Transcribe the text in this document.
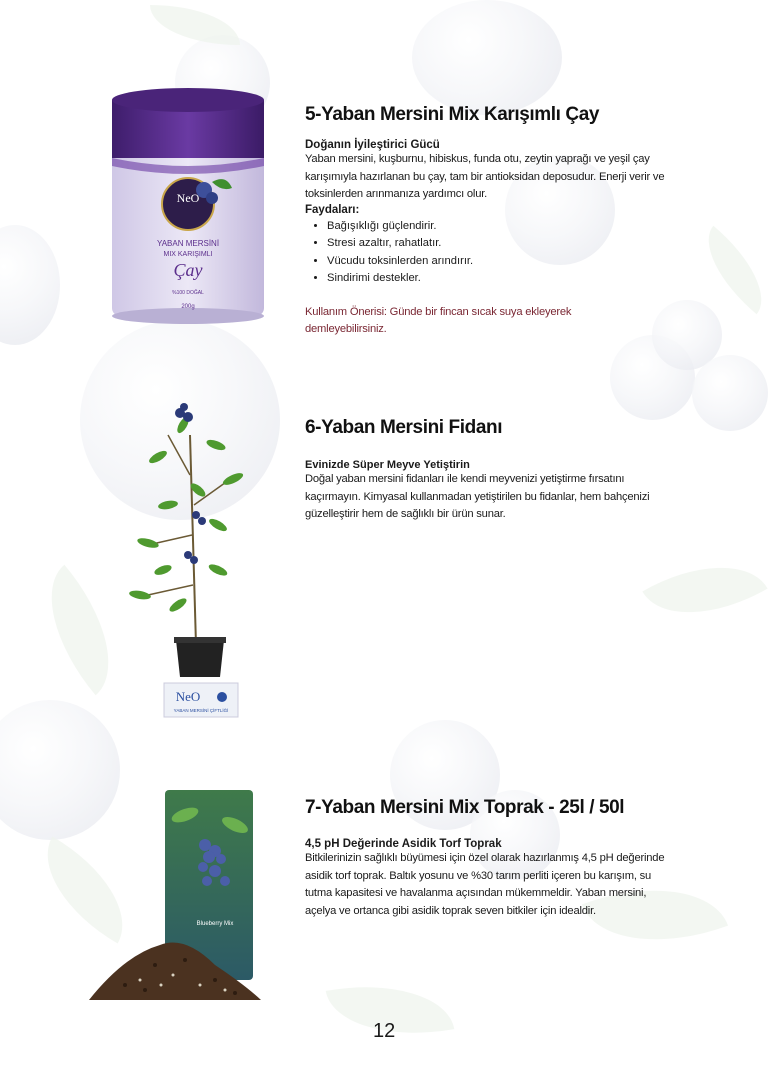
NeO
YABAN MERSİNİ
MIX KARIŞIMLI
Çay
%100 DOĞAL
200g
5-Yaban Mersini Mix Karışımlı Çay

Doğanın İyileştirici Gücü

Yaban mersini, kuşburnu, hibiskus, funda otu, zeytin yaprağı ve yeşil çay karışımıyla hazırlanan bu çay, tam bir antioksidan deposudur. Enerji verir ve toksinlerden arınmanıza yardımcı olur.

Faydaları:

• Bağışıklığı güçlendirir.
• Stresi azaltır, rahatlatır.
• Vücudu toksinlerden arındırır.
• Sindirimi destekler.

Kullanım Önerisi: Günde bir fincan sıcak suya ekleyerek demleyebilirsiniz.

NeO
YABAN MERSİNİ ÇİFTLİĞİ
6-Yaban Mersini Fidanı

Evinizde Süper Meyve Yetiştirin

Doğal yaban mersini fidanları ile kendi meyvenizi yetiştirme fırsatını kaçırmayın. Kimyasal kullanmadan yetiştirilen bu fidanlar, hem bahçenizi güzelleştirir hem de sağlıklı bir ürün sunar.

Blueberry Mix
7-Yaban Mersini Mix Toprak - 25l / 50l

4,5 pH Değerinde Asidik Torf Toprak

Bitkilerinizin sağlıklı büyümesi için özel olarak hazırlanmış 4,5 pH değerinde asidik torf toprak. Baltık yosunu ve %30 tarım perliti içeren bu karışım, su tutma kapasitesi ve havalanma açısından mükemmeldir. Yaban mersini, açelya ve ortanca gibi asidik toprak seven bitkiler için idealdir.

12
